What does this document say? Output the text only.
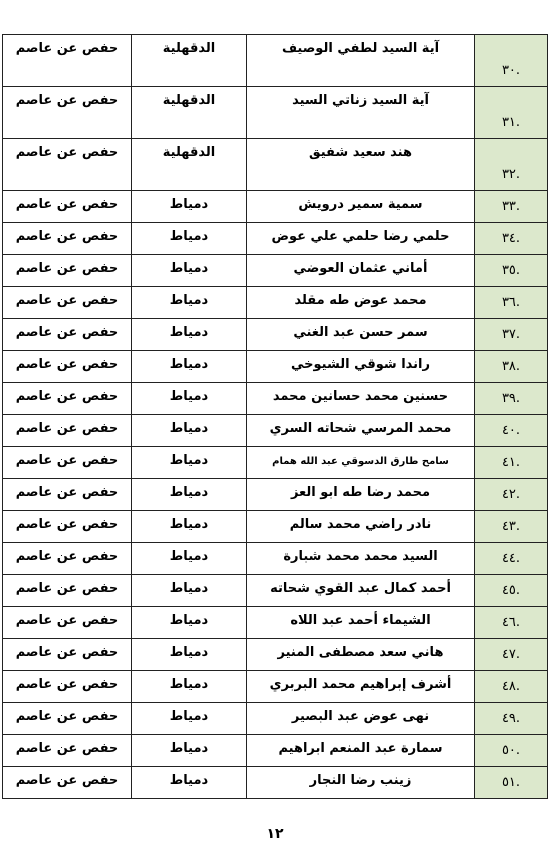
.٣٠	آية السيد لطفي الوصيف	الدقهلية	حفص عن عاصم

.٣١	آية السيد زناتي السيد	الدقهلية	حفص عن عاصم

.٣٢	هند سعيد شفيق	الدقهلية	حفص عن عاصم

.٣٣	سمية سمير درويش	دمياط	حفص عن عاصم

.٣٤	حلمي رضا حلمي علي عوض	دمياط	حفص عن عاصم

.٣٥	أماني عثمان العوضي	دمياط	حفص عن عاصم

.٣٦	محمد عوض طه مقلد	دمياط	حفص عن عاصم

.٣٧	سمر حسن عبد الغني	دمياط	حفص عن عاصم

.٣٨	راندا شوقي الشيوخي	دمياط	حفص عن عاصم

.٣٩	حسنين محمد حسانين محمد	دمياط	حفص عن عاصم

.٤٠	محمد المرسي شحاته السري	دمياط	حفص عن عاصم

.٤١	سامح طارق الدسوقي عبد الله همام	دمياط	حفص عن عاصم

.٤٢	محمد رضا طه ابو العز	دمياط	حفص عن عاصم

.٤٣	نادر راضي محمد سالم	دمياط	حفص عن عاصم

.٤٤	السيد محمد محمد شبارة	دمياط	حفص عن عاصم

.٤٥	أحمد كمال عبد القوي شحاته	دمياط	حفص عن عاصم

.٤٦	الشيماء أحمد عبد اللاه	دمياط	حفص عن عاصم

.٤٧	هاني سعد مصطفى المنير	دمياط	حفص عن عاصم

.٤٨	أشرف إبراهيم محمد البربري	دمياط	حفص عن عاصم

.٤٩	نهى عوض عبد البصير	دمياط	حفص عن عاصم

.٥٠	سمارة عبد المنعم ابراهيم	دمياط	حفص عن عاصم

.٥١	زينب رضا النجار	دمياط	حفص عن عاصم
١٢
